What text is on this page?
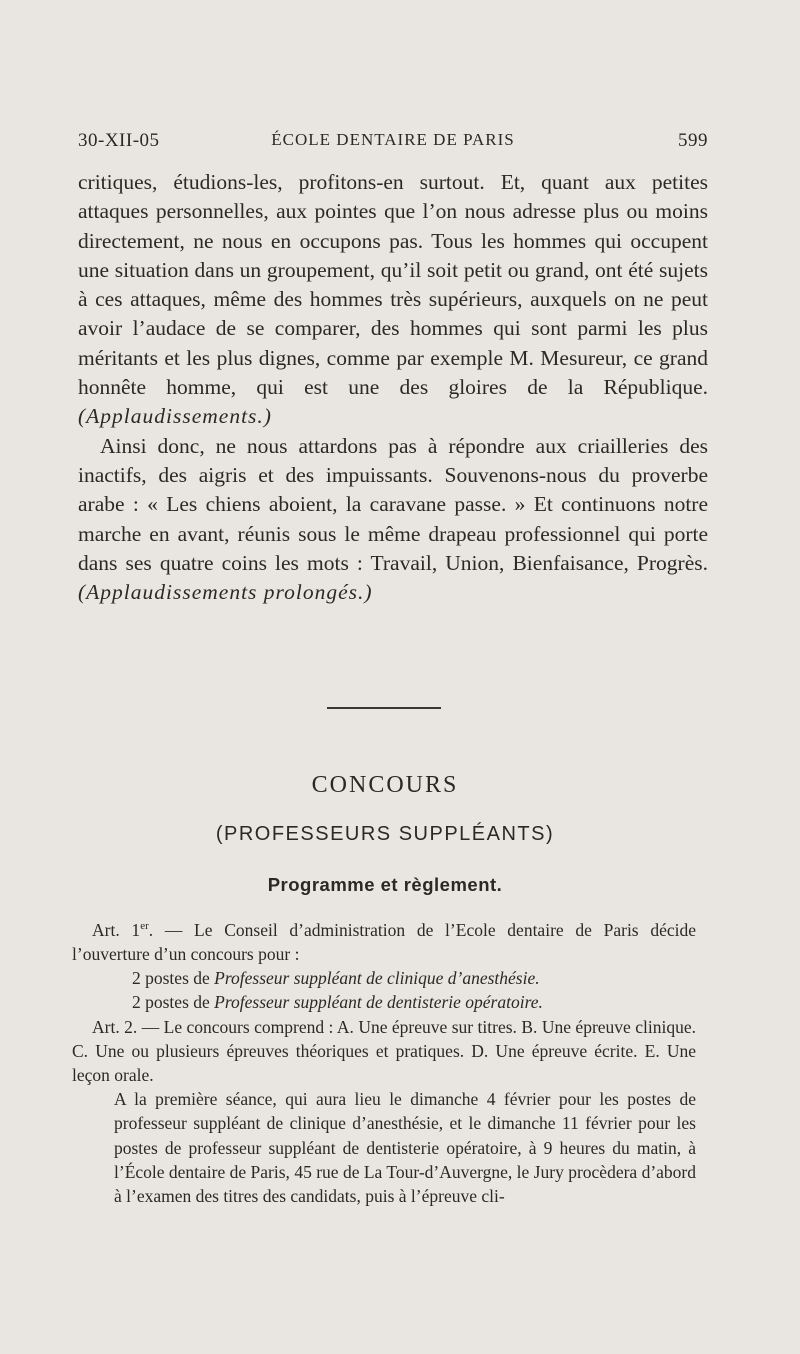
30-XII-05	ÉCOLE DENTAIRE DE PARIS	599

critiques, étudions-les, profitons-en surtout. Et, quant aux petites attaques personnelles, aux pointes que l’on nous adresse plus ou moins directement, ne nous en occupons pas. Tous les hommes qui occupent une situation dans un groupement, qu’il soit petit ou grand, ont été sujets à ces attaques, même des hommes très supérieurs, auxquels on ne peut avoir l’audace de se comparer, des hommes qui sont parmi les plus méritants et les plus dignes, comme par exemple M. Mesureur, ce grand honnête homme, qui est une des gloires de la République. (Applaudissements.)

Ainsi donc, ne nous attardons pas à répondre aux criailleries des inactifs, des aigris et des impuissants. Souvenons-nous du proverbe arabe : « Les chiens aboient, la caravane passe. » Et continuons notre marche en avant, réunis sous le même drapeau professionnel qui porte dans ses quatre coins les mots : Travail, Union, Bienfaisance, Progrès. (Applaudissements prolongés.)

CONCOURS
(PROFESSEURS SUPPLÉANTS)
Programme et règlement.

Art. 1er. — Le Conseil d’administration de l’Ecole dentaire de Paris décide l’ouverture d’un concours pour :

2 postes de Professeur suppléant de clinique d’anesthésie.

2 postes de Professeur suppléant de dentisterie opératoire.

Art. 2. — Le concours comprend : A. Une épreuve sur titres. B. Une épreuve clinique. C. Une ou plusieurs épreuves théoriques et pratiques. D. Une épreuve écrite. E. Une leçon orale.

A la première séance, qui aura lieu le dimanche 4 février pour les postes de professeur suppléant de clinique d’anesthésie, et le dimanche 11 février pour les postes de professeur suppléant de dentisterie opératoire, à 9 heures du matin, à l’École dentaire de Paris, 45 rue de La Tour-d’Auvergne, le Jury procèdera d’abord à l’examen des titres des candidats, puis à l’épreuve cli-
